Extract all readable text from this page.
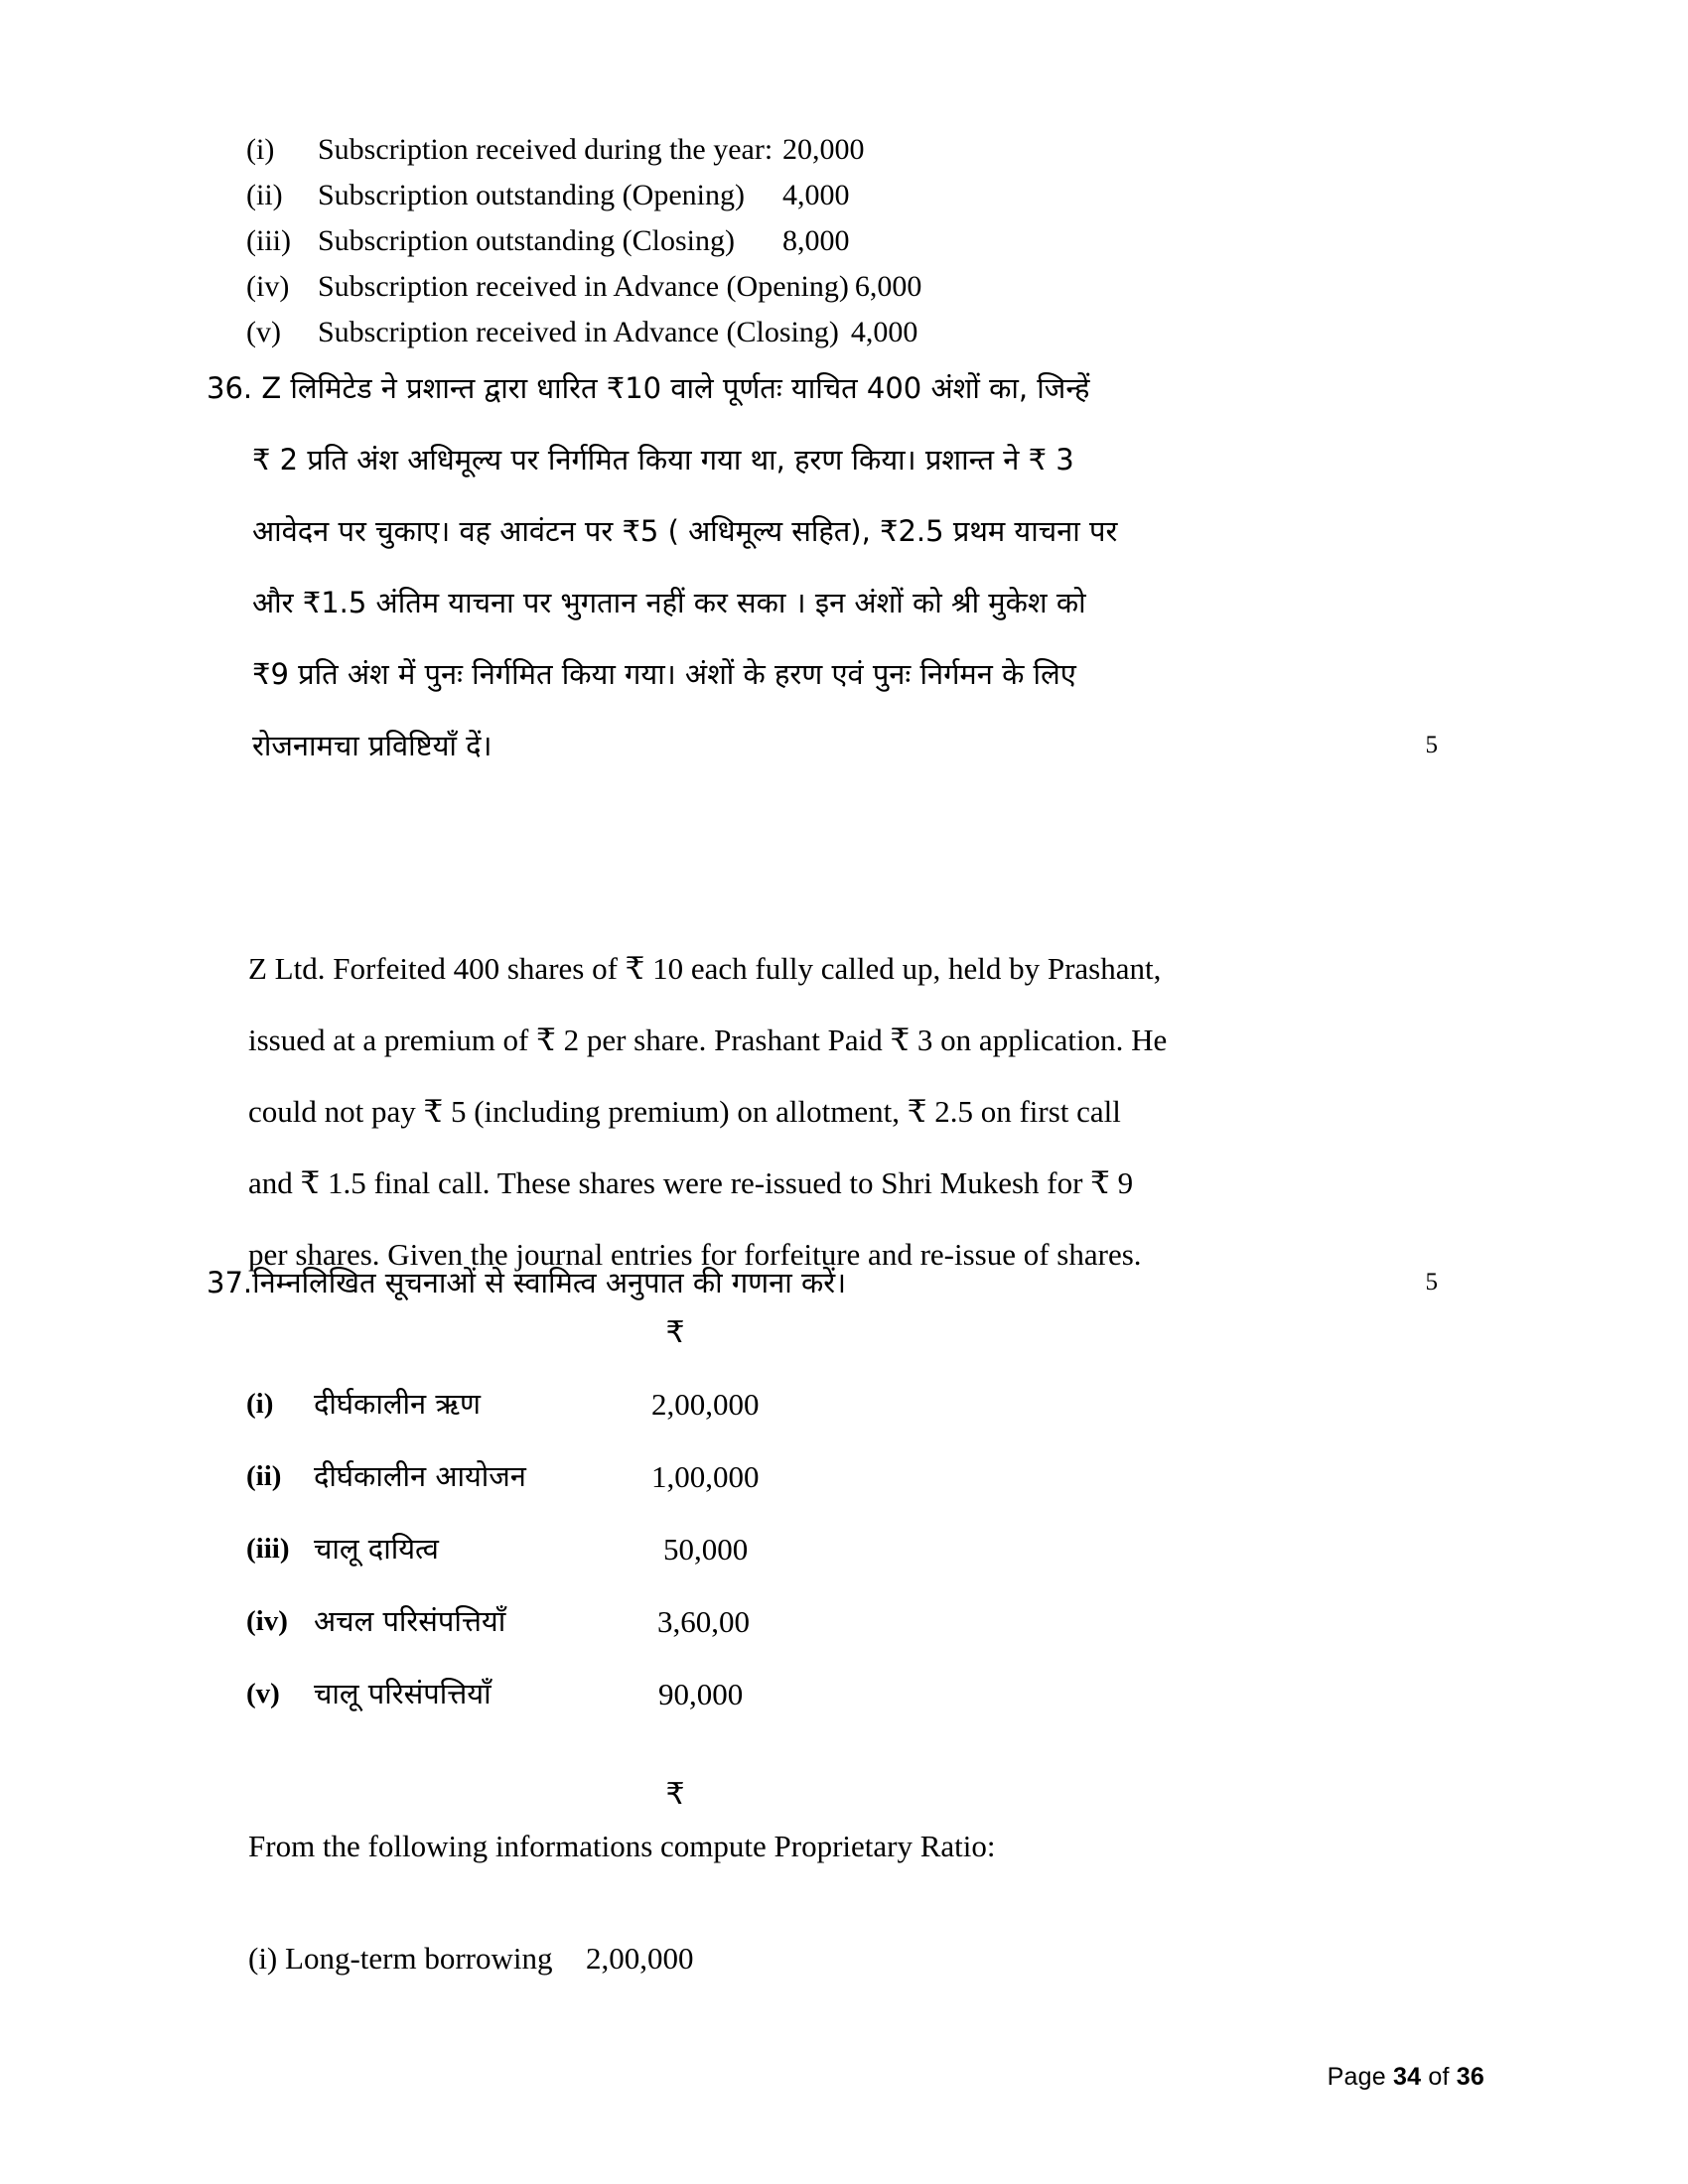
(i)	Subscription received during the year: 20,000
(ii)	Subscription outstanding (Opening) 4,000
(iii) Subscription outstanding (Closing) 8,000
(iv) Subscription received in Advance (Opening) 6,000
(v)	Subscription received in Advance (Closing) 4,000
36. Z लिमिटेड ने प्रशान्त द्वारा धारित ₹10 वाले पूर्णतः याचित 400 अंशों का, जिन्हें
₹ 2 प्रति अंश अधिमूल्य पर निर्गमित किया गया था, हरण किया। प्रशान्त ने ₹ 3
आवेदन पर चुकाए। वह आवंटन पर ₹5 ( अधिमूल्य सहित), ₹2.5 प्रथम याचना पर
और ₹1.5 अंतिम याचना पर भुगतान नहीं कर सका । इन अंशों को श्री मुकेश को
₹9 प्रति अंश में पुनः निर्गमित किया गया। अंशों के हरण एवं पुनः निर्गमन के लिए
रोजनामचा प्रविष्टियाँ दें।	5
Z Ltd. Forfeited 400 shares of ₹ 10 each fully called up, held by Prashant,
issued at a premium of ₹ 2 per share. Prashant Paid ₹ 3 on application. He
could not pay ₹ 5 (including premium) on allotment, ₹ 2.5 on first call
and ₹ 1.5 final call. These shares were re-issued to Shri Mukesh for ₹ 9
per shares. Given the journal entries for forfeiture and re-issue of shares.
37.निम्नलिखित सूचनाओं से स्वामित्व अनुपात की गणना करें।	5
₹
(i)	दीर्घकालीन ऋण	2,00,000
(ii)	दीर्घकालीन आयोजन	1,00,000
(iii) चालू दायित्व	50,000
(iv) अचल परिसंपत्तियाँ	3,60,00
(v)	चालू परिसंपत्तियाँ	90,000
From the following informations compute Proprietary Ratio:
₹
(i) Long-term borrowing 2,00,000
Page 34 of 36
